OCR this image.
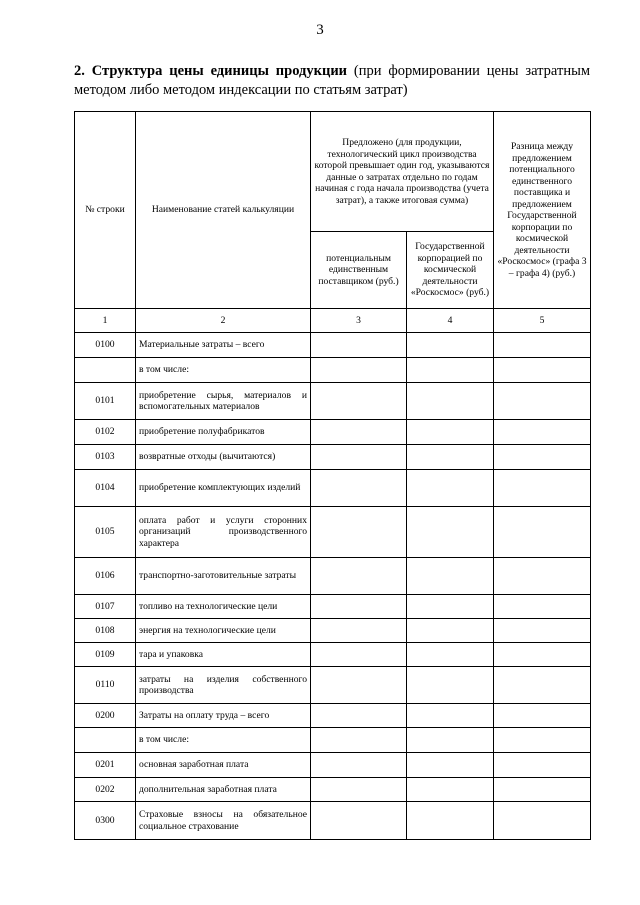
3
2. Структура цены единицы продукции (при формировании цены затратным методом либо методом индексации по статьям затрат)
№ строки	Наименование статей калькуляции	Предложено (для продукции, технологический цикл производства которой превышает один год, указываются данные о затратах отдельно по годам начиная с года начала производства (учета затрат), а также итоговая сумма)		Разница между предложением потенциального единственного поставщика и предложением Государственной корпорации по космической деятельности «Роскосмос» (графа 3 – графа 4) (руб.)
		потенциальным единственным поставщиком (руб.)	Государственной корпорацией по космической деятельности «Роскосмос» (руб.)	
1	2	3	4	5
0100	Материальные затраты – всего			
	в том числе:			
0101	приобретение сырья, материалов и вспомогательных материалов			
0102	приобретение полуфабрикатов			
0103	возвратные отходы (вычитаются)			
0104	приобретение комплектующих изделий			
0105	оплата работ и услуги сторонних организаций производственного характера			
0106	транспортно-заготовительные затраты			
0107	топливо на технологические цели			
0108	энергия на технологические цели			
0109	тара и упаковка			
0110	затраты на изделия собственного производства			
0200	Затраты на оплату труда – всего			
	в том числе:			
0201	основная заработная плата			
0202	дополнительная заработная плата			
0300	Страховые взносы на обязательное социальное страхование			
